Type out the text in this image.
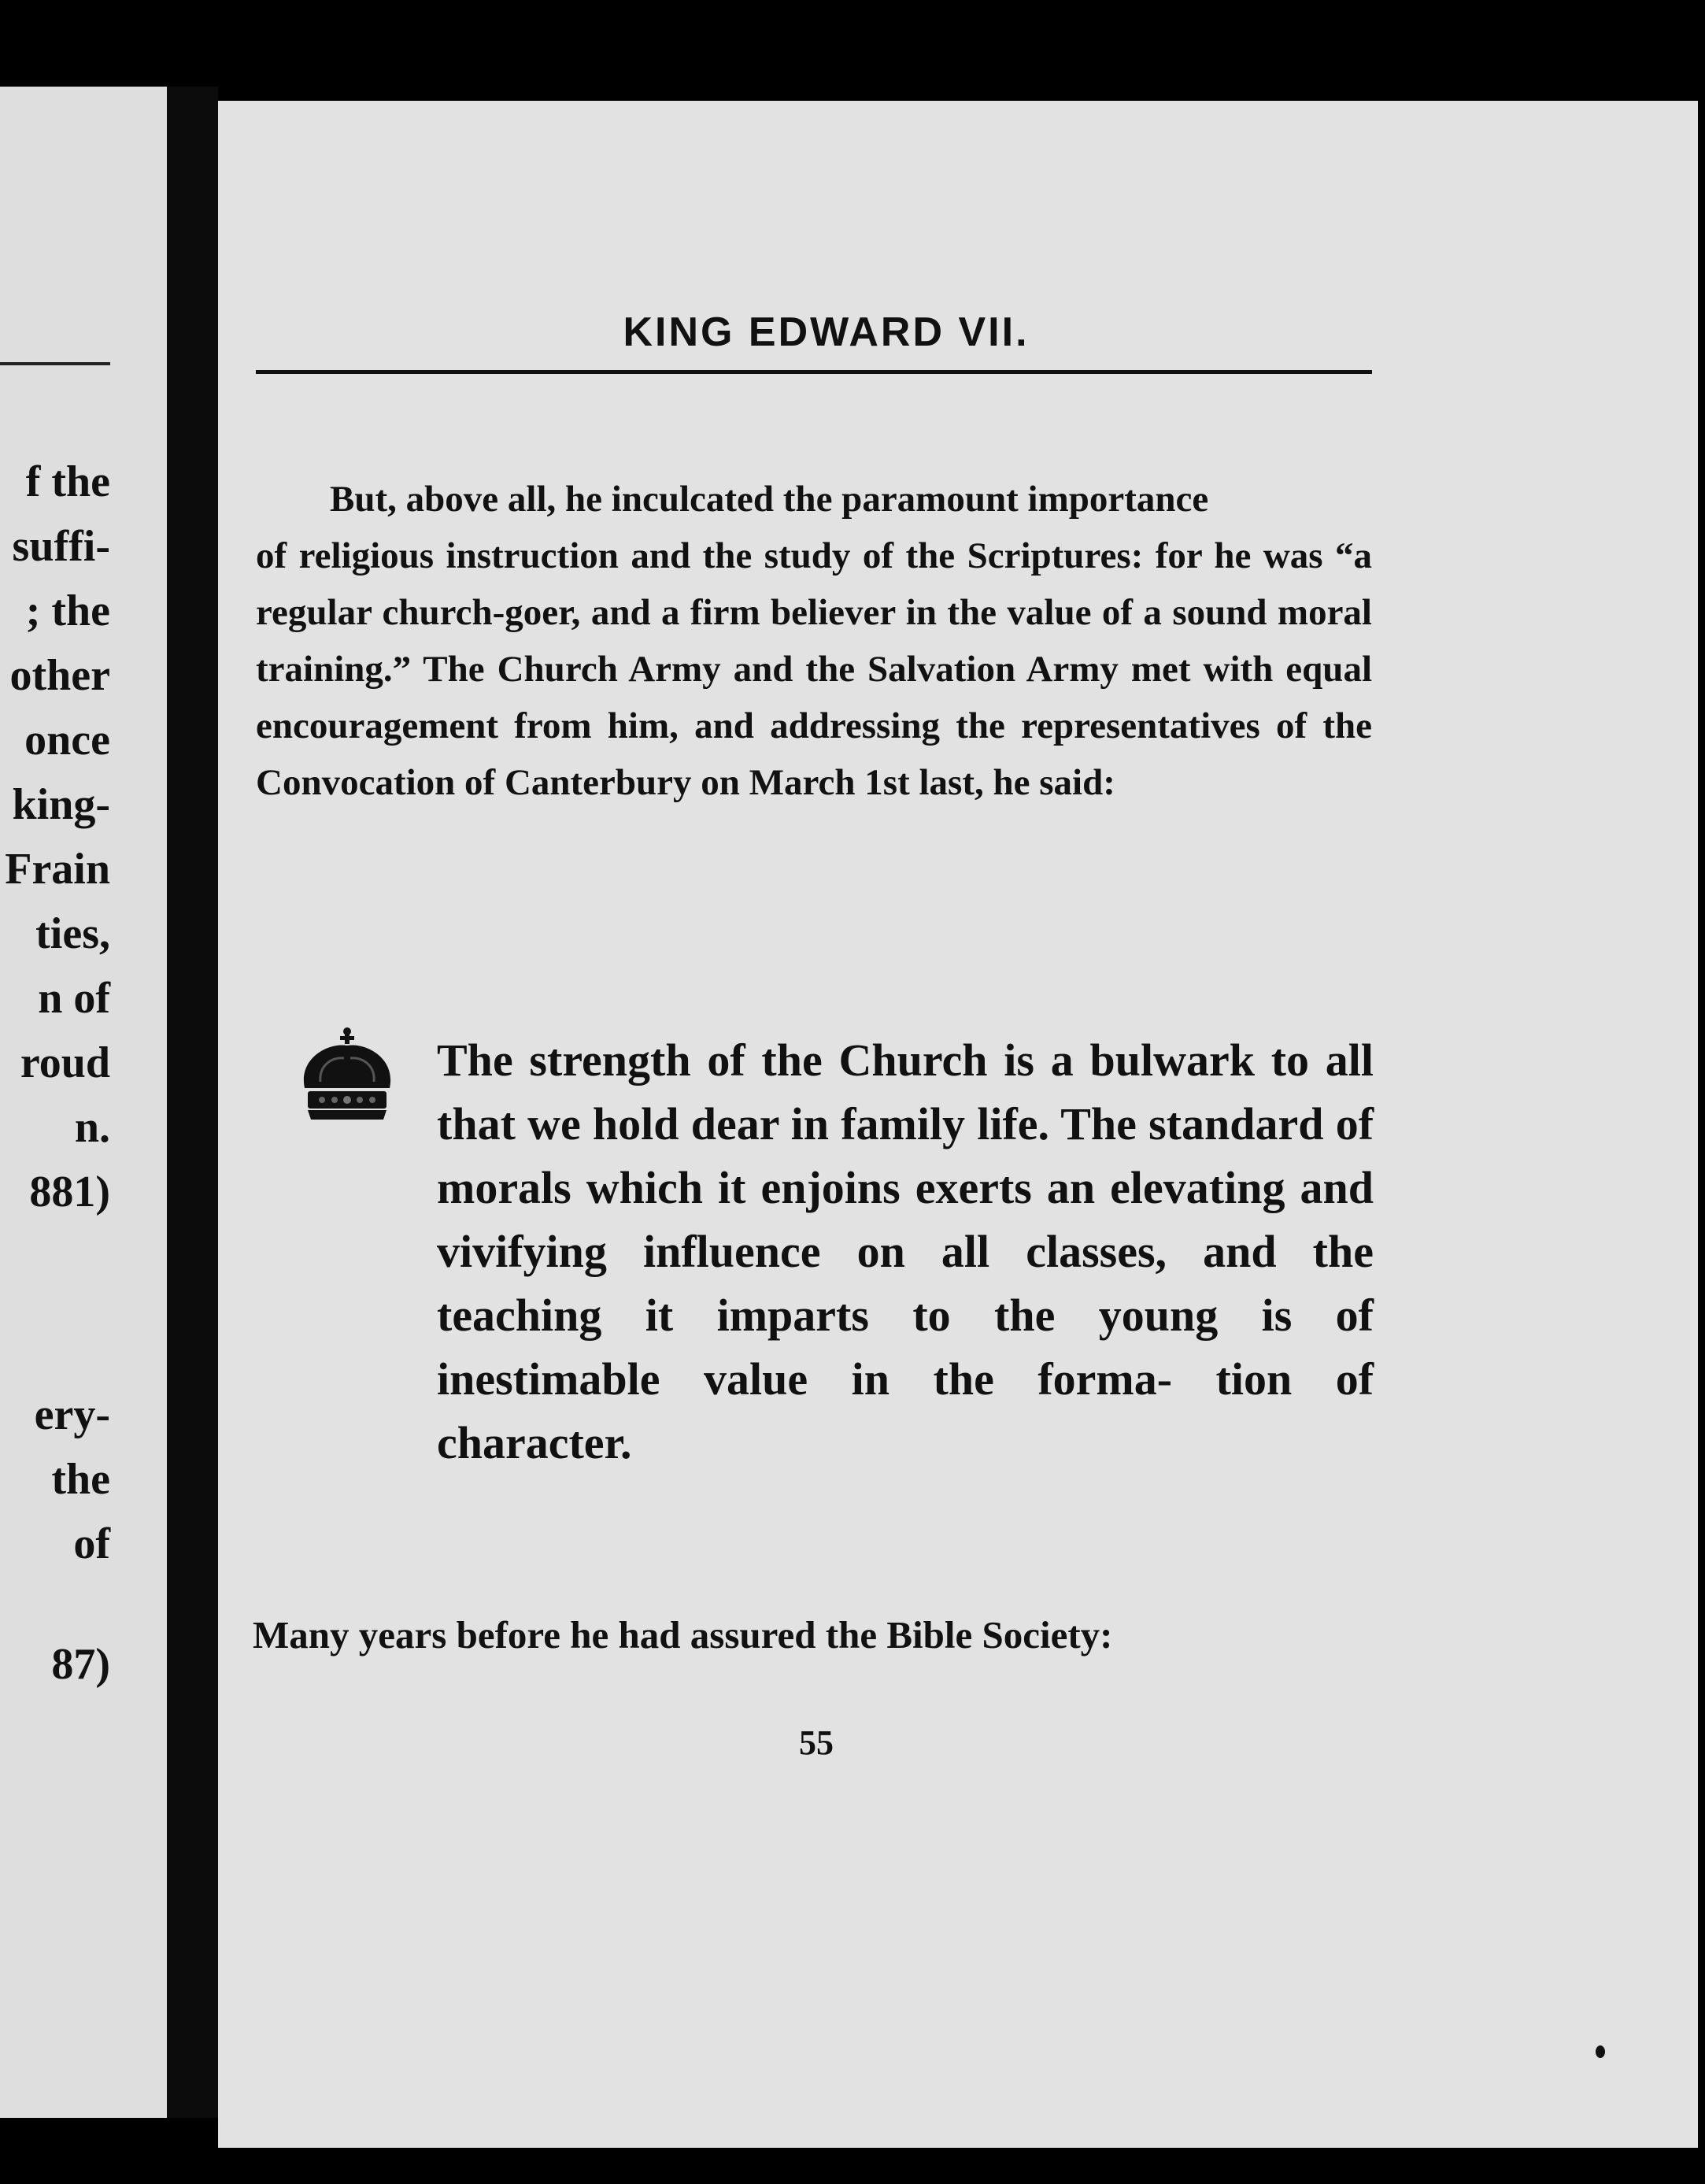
f the
suffi-
; the
other
once
king-
Frain
ties,
n of
roud
n.
881)
ery-
the
of
87)
KING EDWARD VII.
But, above all, he inculcated the paramount importance
of religious instruction and the study of the Scriptures: for he was “a regular church-goer, and a firm believer in the value of a sound moral training.” The Church Army and the Salvation Army met with equal encouragement from him, and addressing the representatives of the Convocation of Canterbury on March 1st last, he said:
The strength of the Church is a bulwark to all that we hold dear in family life. The standard of morals which it enjoins exerts an elevating and vivifying influence on all classes, and the teaching it imparts to the young is of inestimable value in the forma- tion of character.
Many years before he had assured the Bible Society:
55
